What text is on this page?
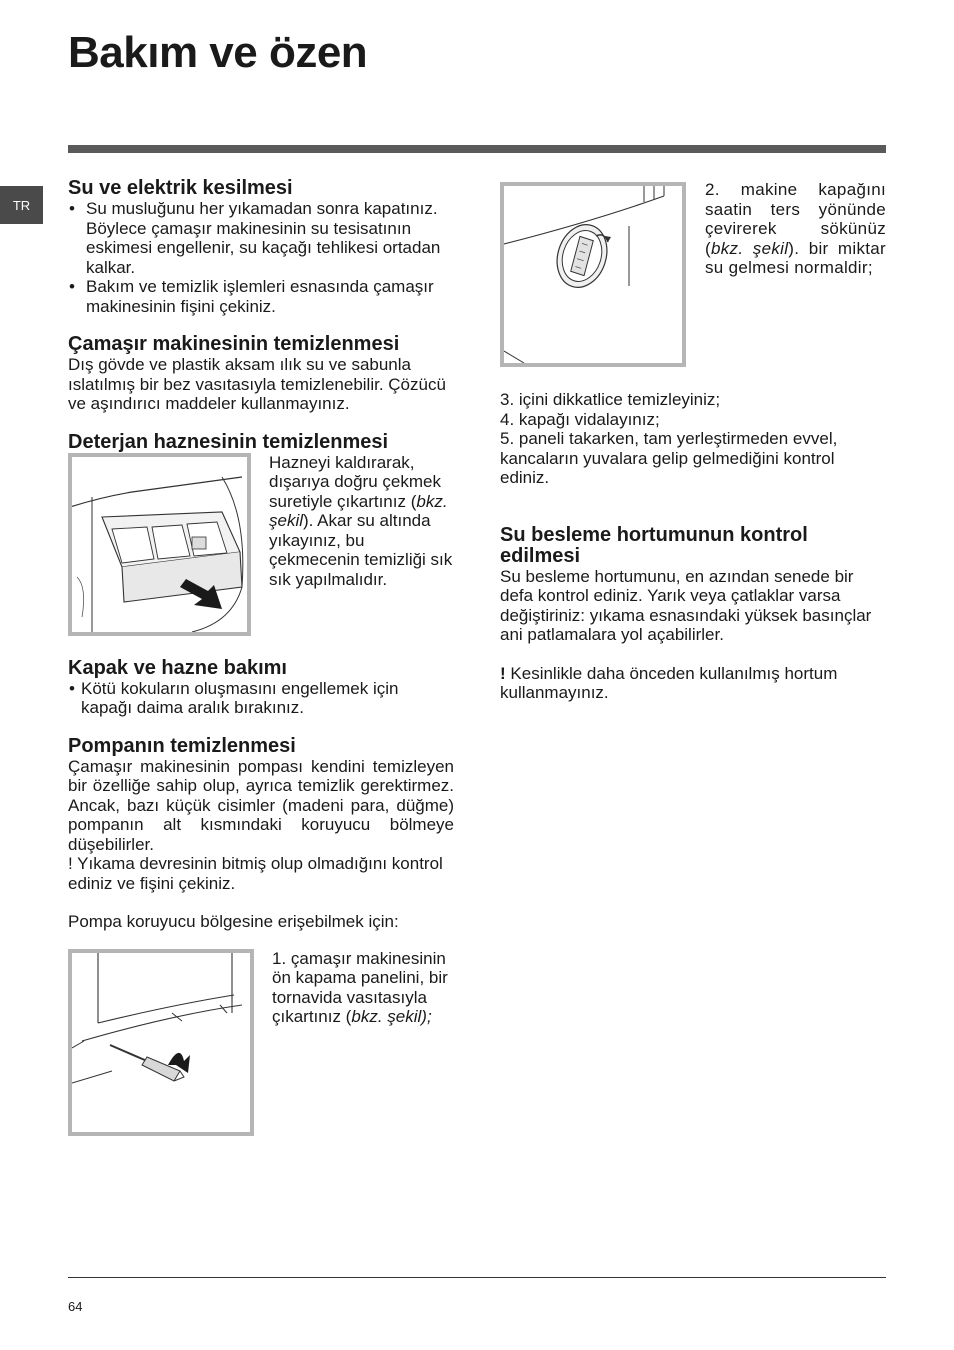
Bakım ve özen
TR
Su ve elektrik kesilmesi
• Su musluğunu her yıkamadan sonra kapatınız. Böylece çamaşır makinesinin su tesisatının eskimesi engellenir, su kaçağı tehlikesi ortadan kalkar.
• Bakım ve temizlik işlemleri esnasında çamaşır makinesinin fişini çekiniz.
Çamaşır makinesinin temizlenmesi

Dış gövde ve plastik aksam ılık su ve sabunla ıslatılmış bir bez vasıtasıyla temizlenebilir. Çözücü ve aşındırıcı maddeler kullanmayınız.

Deterjan haznesinin temizlenmesi

Hazneyi kaldırarak, dışarıya doğru çekmek suretiyle çıkartınız (bkz. şekil). Akar su altında yıkayınız, bu çekmecenin temizliği sık sık yapılmalıdır.

Kapak ve hazne bakımı
• Kötü kokuların oluşmasını engellemek için kapağı daima aralık bırakınız.
Pompanın temizlenmesi

Çamaşır makinesinin pompası kendini temizleyen bir özelliğe sahip olup, ayrıca temizlik gerektirmez. Ancak, bazı küçük cisimler (madeni para, düğme) pompanın alt kısmındaki koruyucu bölmeye düşebilirler.

! Yıkama devresinin bitmiş olup olmadığını kontrol ediniz ve fişini çekiniz.

Pompa koruyucu bölgesine erişebilmek için:

1. çamaşır makinesinin ön kapama panelini, bir tornavida vasıtasıyla çıkartınız (bkz. şekil);

2. makine kapağını saatin ters yönünde çevirerek sökünüz (bkz. şekil). bir miktar su gelmesi normaldir;

3. içini dikkatlice temizleyiniz;

4. kapağı vidalayınız;

5. paneli takarken, tam yerleştirmeden evvel, kancaların yuvalara gelip gelmediğini kontrol ediniz.

Su besleme hortumunun kontrol edilmesi

Su besleme hortumunu, en azından senede bir defa kontrol ediniz. Yarık veya çatlaklar varsa değiştiriniz: yıkama esnasındaki yüksek basınçlar ani patlamalara yol açabilirler.

! Kesinlikle daha önceden kullanılmış hortum kullanmayınız.

64
